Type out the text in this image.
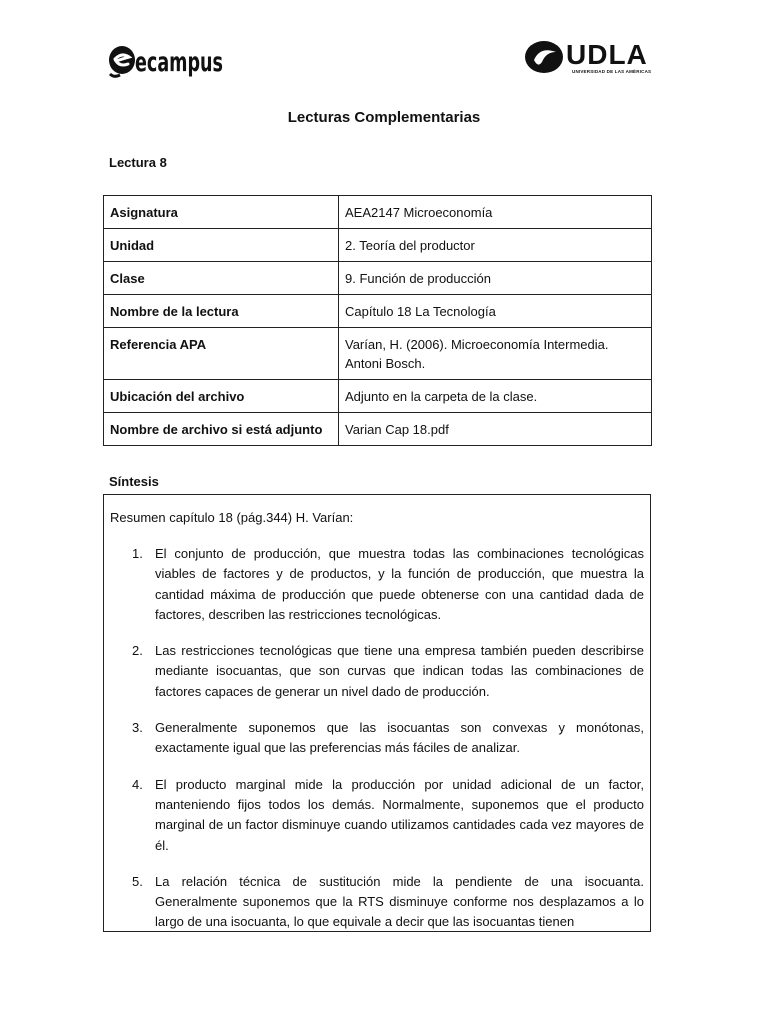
ecampus	UDLA
UNIVERSIDAD DE LAS AMÉRICAS
Lecturas Complementarias
Lectura 8
Asignatura	AEA2147 Microeconomía
Unidad	2. Teoría del productor
Clase	9. Función de producción
Nombre de la lectura	Capítulo 18 La Tecnología
Referencia APA	Varían, H. (2006). Microeconomía Intermedia. Antoni Bosch.
Ubicación del archivo	Adjunto en la carpeta de la clase.
Nombre de archivo si está adjunto	Varian Cap 18.pdf
Síntesis
Resumen capítulo 18 (pág.344) H. Varían:
1. El conjunto de producción, que muestra todas las combinaciones tecnológicas viables de factores y de productos, y la función de producción, que muestra la cantidad máxima de producción que puede obtenerse con una cantidad dada de factores, describen las restricciones tecnológicas.
2. Las restricciones tecnológicas que tiene una empresa también pueden describirse mediante isocuantas, que son curvas que indican todas las combinaciones de factores capaces de generar un nivel dado de producción.
3. Generalmente suponemos que las isocuantas son convexas y monótonas, exactamente igual que las preferencias más fáciles de analizar.
4. El producto marginal mide la producción por unidad adicional de un factor, manteniendo fijos todos los demás. Normalmente, suponemos que el producto marginal de un factor disminuye cuando utilizamos cantidades cada vez mayores de él.
5. La relación técnica de sustitución mide la pendiente de una isocuanta. Generalmente suponemos que la RTS disminuye conforme nos desplazamos a lo largo de una isocuanta, lo que equivale a decir que las isocuantas tienen
